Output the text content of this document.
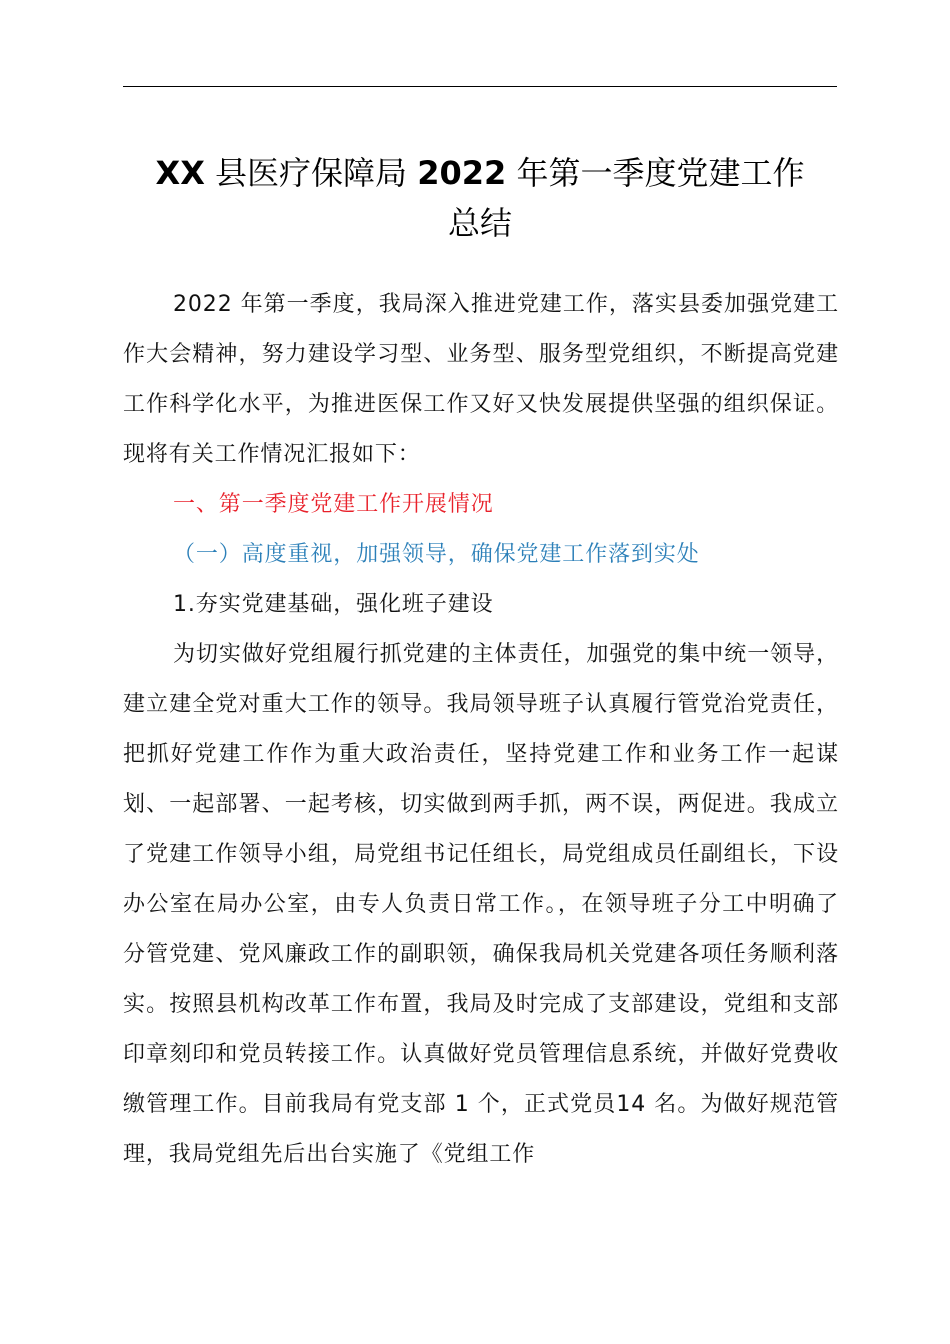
XX 县医疗保障局 2022 年第一季度党建工作
总结

2022 年第一季度，我局深入推进党建工作，落实县委加强党建工作大会精神，努力建设学习型、业务型、服务型党组织，不断提高党建工作科学化水平，为推进医保工作又好又快发展提供坚强的组织保证。现将有关工作情况汇报如下：

一、第一季度党建工作开展情况

（一）高度重视，加强领导，确保党建工作落到实处

1.夯实党建基础，强化班子建设

为切实做好党组履行抓党建的主体责任，加强党的集中统一领导，建立建全党对重大工作的领导。我局领导班子认真履行管党治党责任，把抓好党建工作作为重大政治责任，坚持党建工作和业务工作一起谋划、一起部署、一起考核，切实做到两手抓，两不误，两促进。我成立了党建工作领导小组，局党组书记任组长，局党组成员任副组长，下设办公室在局办公室，由专人负责日常工作。，在领导班子分工中明确了分管党建、党风廉政工作的副职领，确保我局机关党建各项任务顺利落实。按照县机构改革工作布置，我局及时完成了支部建设，党组和支部印章刻印和党员转接工作。认真做好党员管理信息系统，并做好党费收缴管理工作。目前我局有党支部 1 个，正式党员14 名。为做好规范管理，我局党组先后出台实施了《党组工作
